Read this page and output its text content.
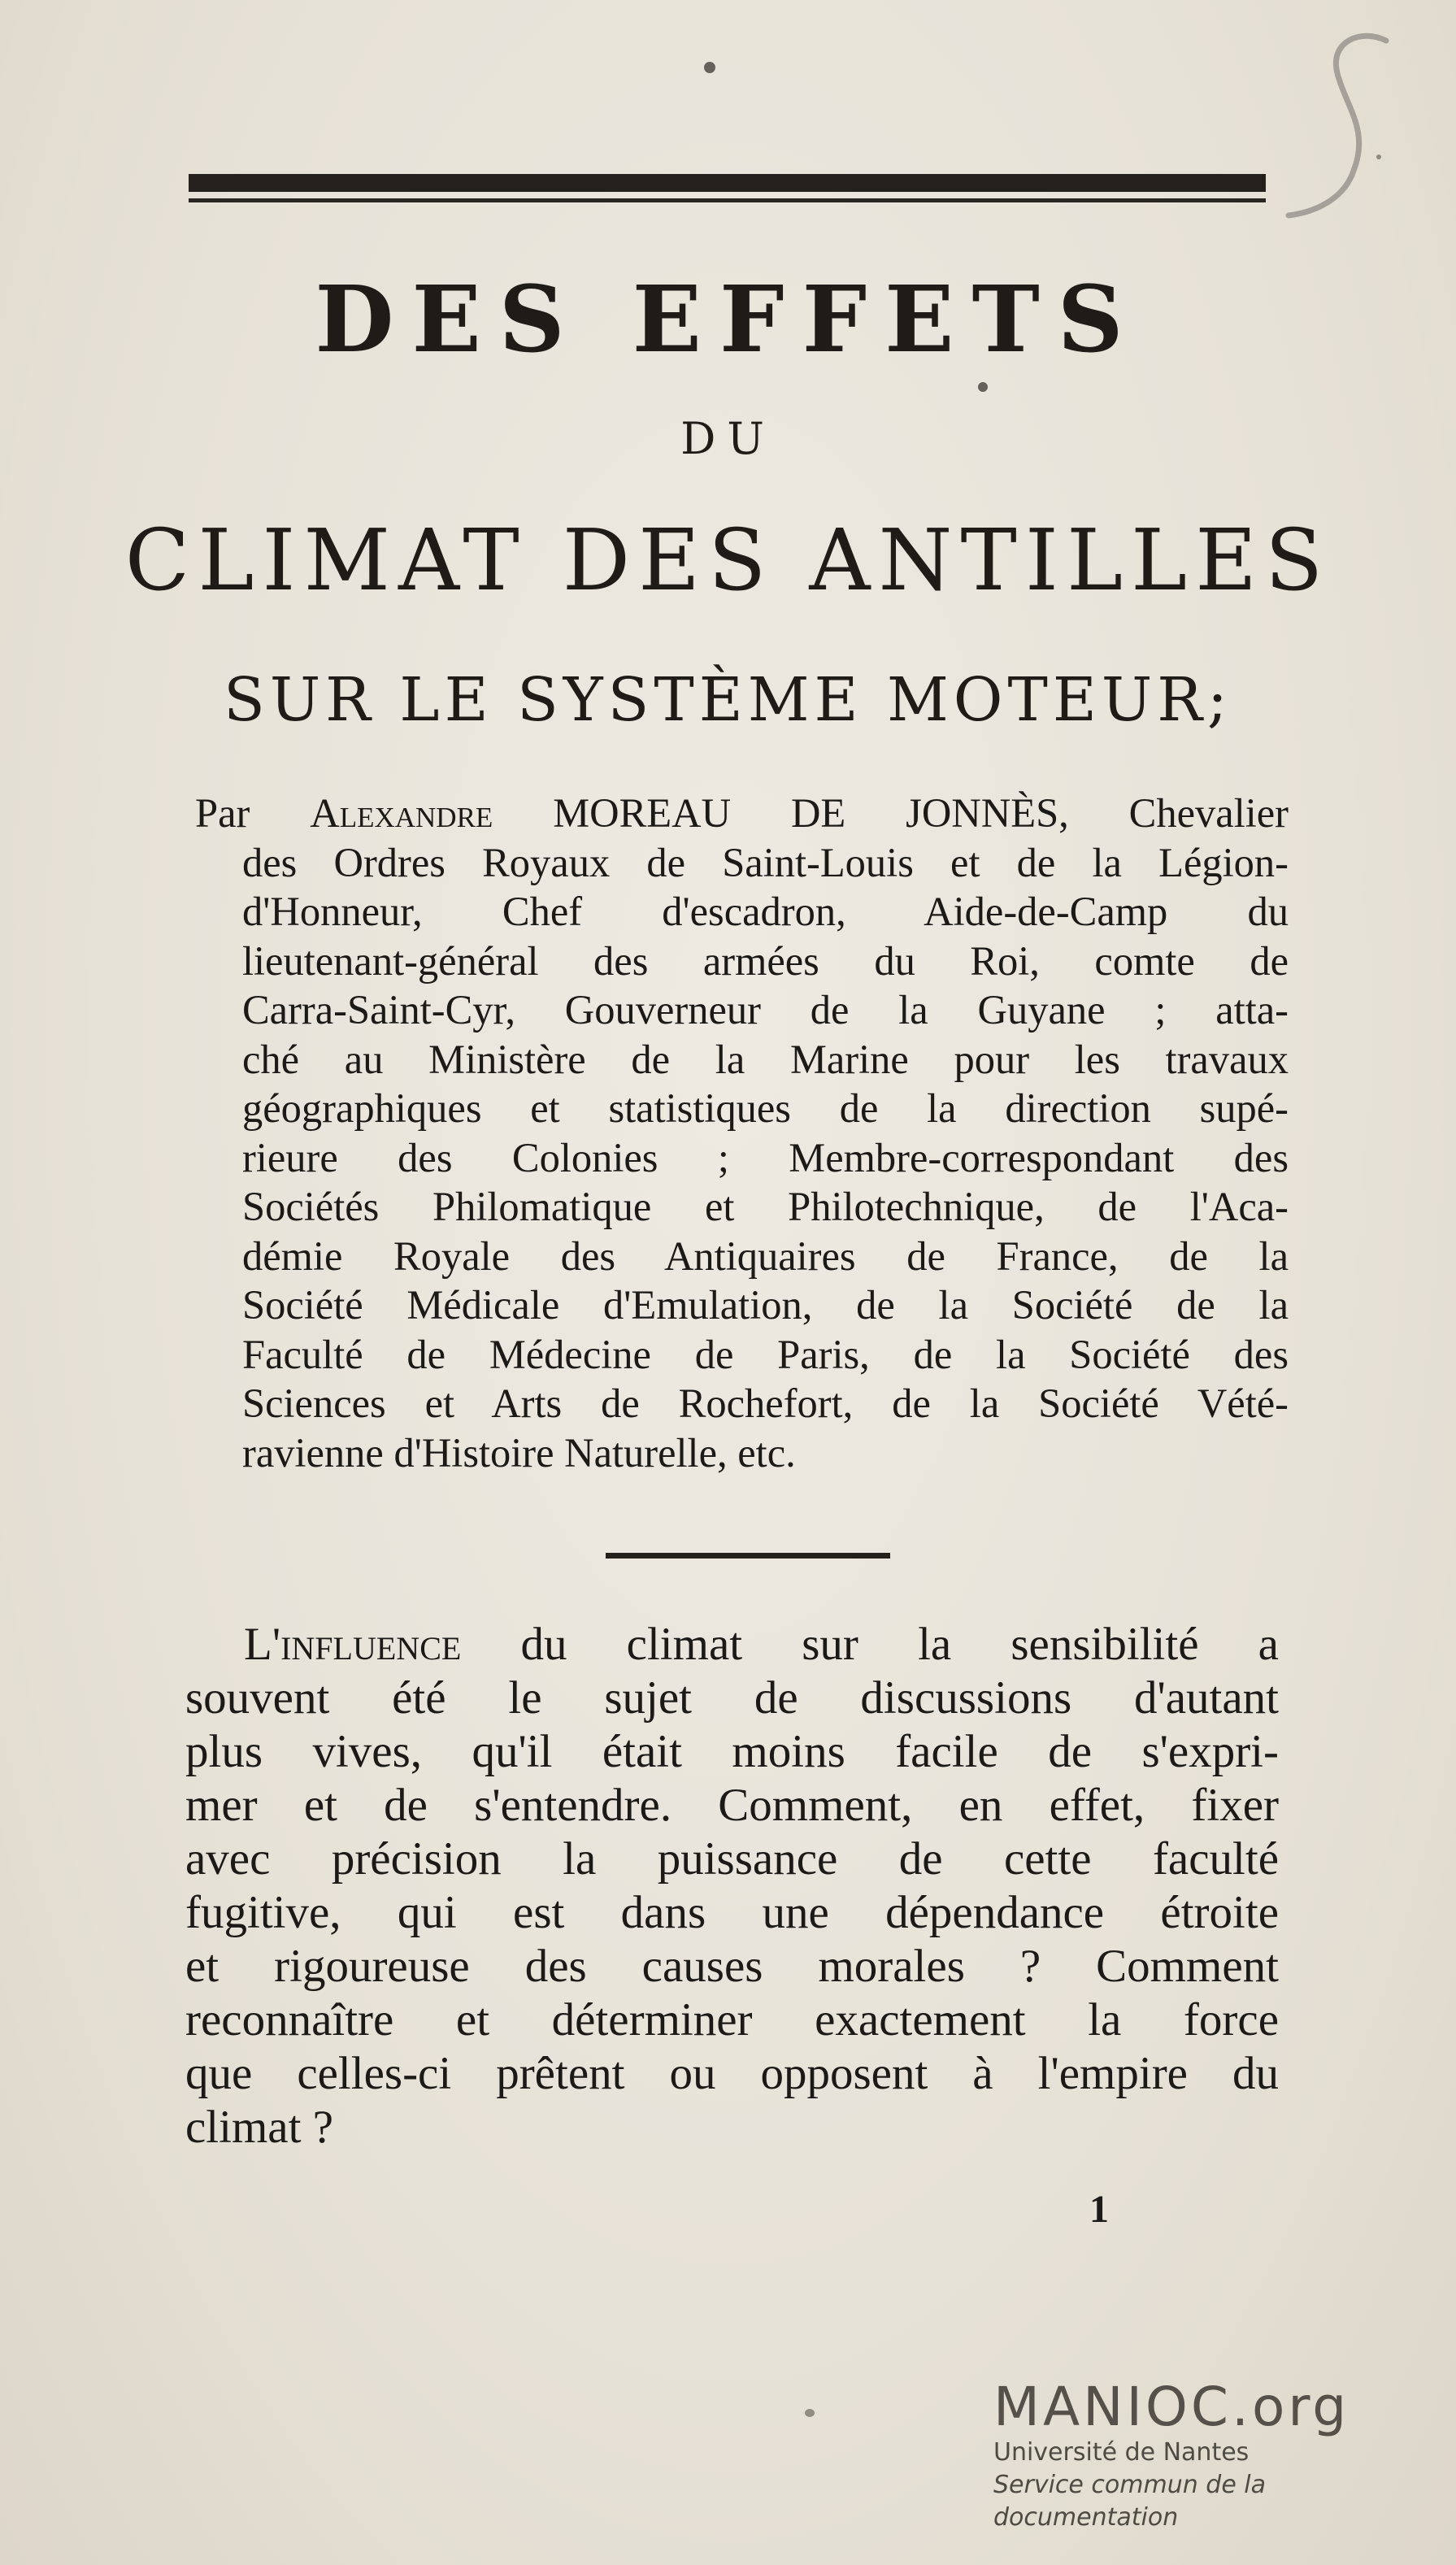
DES EFFETS
DU
CLIMAT DES ANTILLES
SUR LE SYSTÈME MOTEUR;
Par Alexandre MOREAU DE JONNÈS, Chevalier
des Ordres Royaux de Saint-Louis et de la Légion-
d'Honneur, Chef d'escadron, Aide-de-Camp du
lieutenant-général des armées du Roi, comte de
Carra-Saint-Cyr, Gouverneur de la Guyane ; atta-
ché au Ministère de la Marine pour les travaux
géographiques et statistiques de la direction supé-
rieure des Colonies ; Membre-correspondant des
Sociétés Philomatique et Philotechnique, de l'Aca-
démie Royale des Antiquaires de France, de la
Société Médicale d'Emulation, de la Société de la
Faculté de Médecine de Paris, de la Société des
Sciences et Arts de Rochefort, de la Société Vété-
ravienne d'Histoire Naturelle, etc.
L'influence du climat sur la sensibilité a
souvent été le sujet de discussions d'autant
plus vives, qu'il était moins facile de s'expri-
mer et de s'entendre. Comment, en effet, fixer
avec précision la puissance de cette faculté
fugitive, qui est dans une dépendance étroite
et rigoureuse des causes morales ? Comment
reconnaître et déterminer exactement la force
que celles-ci prêtent ou opposent à l'empire du
climat ?
1
MANIOC.org
Université de Nantes
Service commun de la documentation
